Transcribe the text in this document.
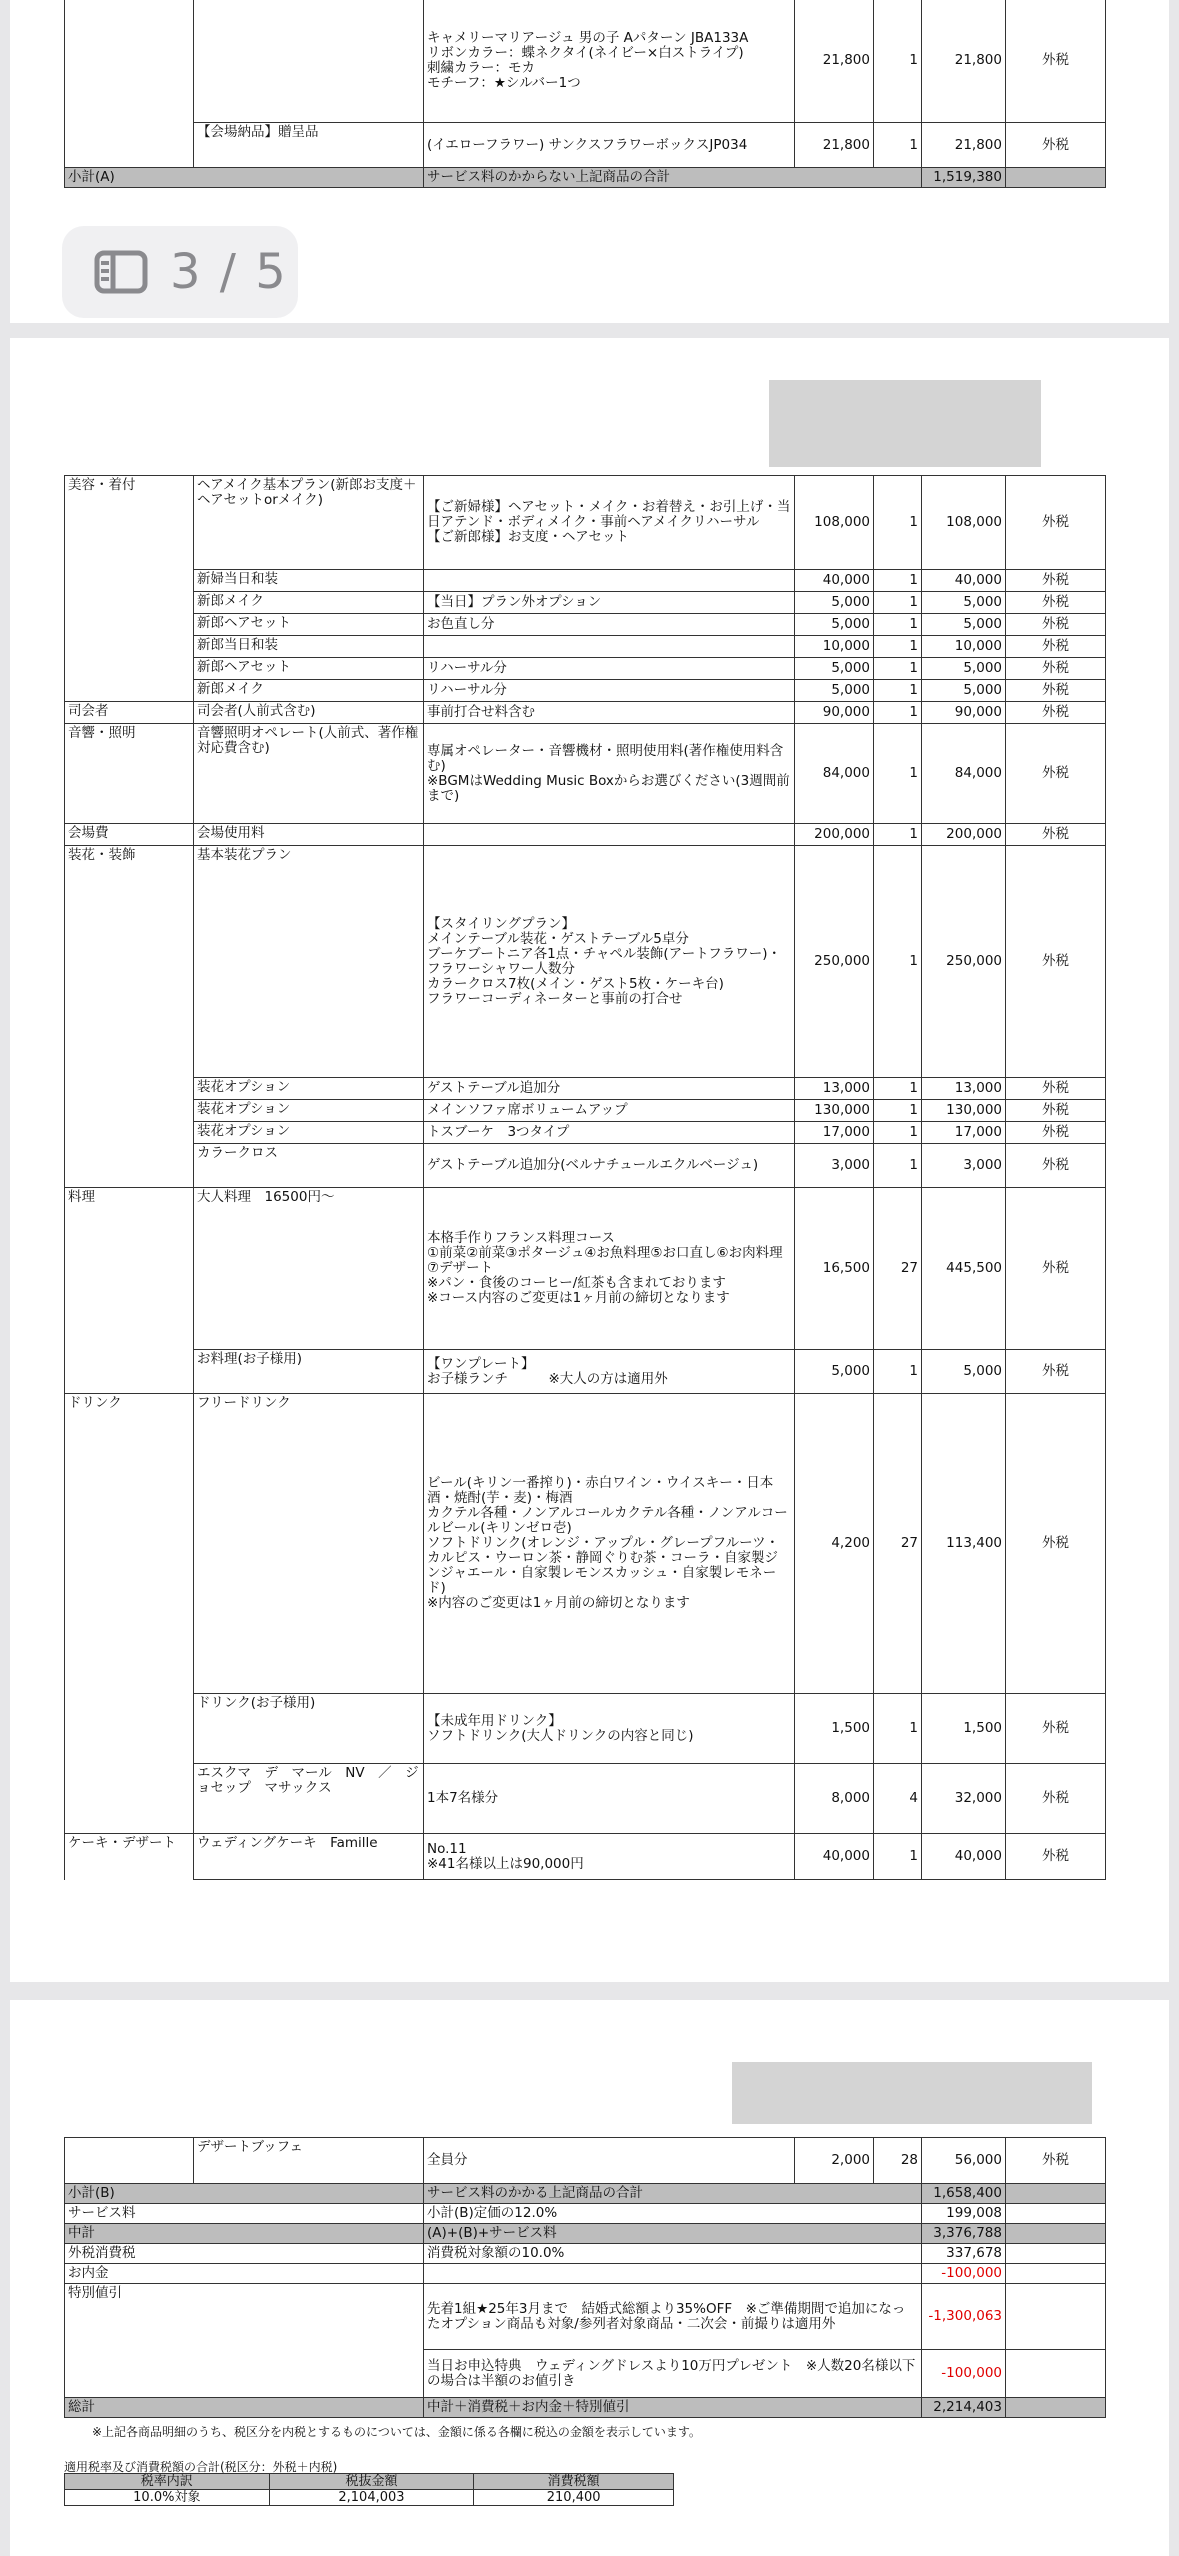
		キャメリーマリアージュ 男の子 Aパターン JBA133A
リボンカラー：蝶ネクタイ(ネイビー×白ストライプ)
刺繍カラー：モカ
モチーフ：★シルバー1つ	21,800	1	21,800	外税
	【会場納品】贈呈品	(イエローフラワー) サンクスフラワーボックスJP034	21,800	1	21,800	外税
小計(A)		サービス料のかからない上記商品の合計			1,519,380	
3 / 5
美容・着付	ヘアメイク基本プラン(新郎お支度＋ヘアセットorメイク)	【ご新婦様】ヘアセット・メイク・お着替え・お引上げ・当日アテンド・ボディメイク・事前ヘアメイクリハーサル
【ご新郎様】お支度・ヘアセット	108,000	1	108,000	外税
	新婦当日和装		40,000	1	40,000	外税
	新郎メイク	【当日】プラン外オプション	5,000	1	5,000	外税
	新郎ヘアセット	お色直し分	5,000	1	5,000	外税
	新郎当日和装		10,000	1	10,000	外税
	新郎ヘアセット	リハーサル分	5,000	1	5,000	外税
	新郎メイク	リハーサル分	5,000	1	5,000	外税
司会者	司会者(人前式含む)	事前打合せ料含む	90,000	1	90,000	外税
音響・照明	音響照明オペレート(人前式、著作権対応費含む)	専属オペレーター・音響機材・照明使用料(著作権使用料含む)
※BGMはWedding Music Boxからお選びください(3週間前まで)	84,000	1	84,000	外税
会場費	会場使用料		200,000	1	200,000	外税
装花・装飾	基本装花プラン	【スタイリングプラン】
メインテーブル装花・ゲストテーブル5卓分
ブーケブートニア各1点・チャペル装飾(アートフラワー)・フラワーシャワー人数分
カラークロス7枚(メイン・ゲスト5枚・ケーキ台)
フラワーコーディネーターと事前の打合せ	250,000	1	250,000	外税
	装花オプション	ゲストテーブル追加分	13,000	1	13,000	外税
	装花オプション	メインソファ席ボリュームアップ	130,000	1	130,000	外税
	装花オプション	トスブーケ　3つタイプ	17,000	1	17,000	外税
	カラークロス	ゲストテーブル追加分(ベルナチュールエクルベージュ)	3,000	1	3,000	外税
料理	大人料理　16500円～	本格手作りフランス料理コース
①前菜②前菜③ポタージュ④お魚料理⑤お口直し⑥お肉料理⑦デザート
※パン・食後のコーヒー/紅茶も含まれております
※コース内容のご変更は1ヶ月前の締切となります	16,500	27	445,500	外税
	お料理(お子様用)	【ワンプレート】
お子様ランチ　　　※大人の方は適用外	5,000	1	5,000	外税
ドリンク	フリードリンク	ビール(キリン一番搾り)・赤白ワイン・ウイスキー・日本酒・焼酎(芋・麦)・梅酒
カクテル各種・ノンアルコールカクテル各種・ノンアルコールビール(キリンゼロ壱)
ソフトドリンク(オレンジ・アップル・グレープフルーツ・カルピス・ウーロン茶・静岡ぐりむ茶・コーラ・自家製ジンジャエール・自家製レモンスカッシュ・自家製レモネード)
※内容のご変更は1ヶ月前の締切となります	4,200	27	113,400	外税
	ドリンク(お子様用)	【未成年用ドリンク】
ソフトドリンク(大人ドリンクの内容と同じ)	1,500	1	1,500	外税
	エスクマ　デ　マール　NV　／　ジョセップ　マサックス	1本7名様分	8,000	4	32,000	外税
ケーキ・デザート	ウェディングケーキ　Famille	No.11
※41名様以上は90,000円	40,000	1	40,000	外税
	デザートブッフェ	全員分	2,000	28	56,000	外税
小計(B)		サービス料のかかる上記商品の合計			1,658,400	
サービス料		小計(B)定価の12.0%			199,008	
中計		(A)+(B)+サービス料			3,376,788	
外税消費税		消費税対象額の10.0%			337,678	
お内金					-100,000	
特別値引		先着1組★25年3月まで　結婚式総額より35%OFF　※ご準備期間で追加になったオプション商品も対象/参列者対象商品・二次会・前撮りは適用外			-1,300,063	
		当日お申込特典　ウェディングドレスより10万円プレゼント　※人数20名様以下の場合は半額のお値引き			-100,000	
総計		中計＋消費税＋お内金＋特別値引			2,214,403	
※上記各商品明細のうち、税区分を内税とするものについては、金額に係る各欄に税込の金額を表示しています。
適用税率及び消費税額の合計(税区分：外税＋内税)
税率内訳	税抜金額	消費税額
10.0%対象	2,104,003	210,400
